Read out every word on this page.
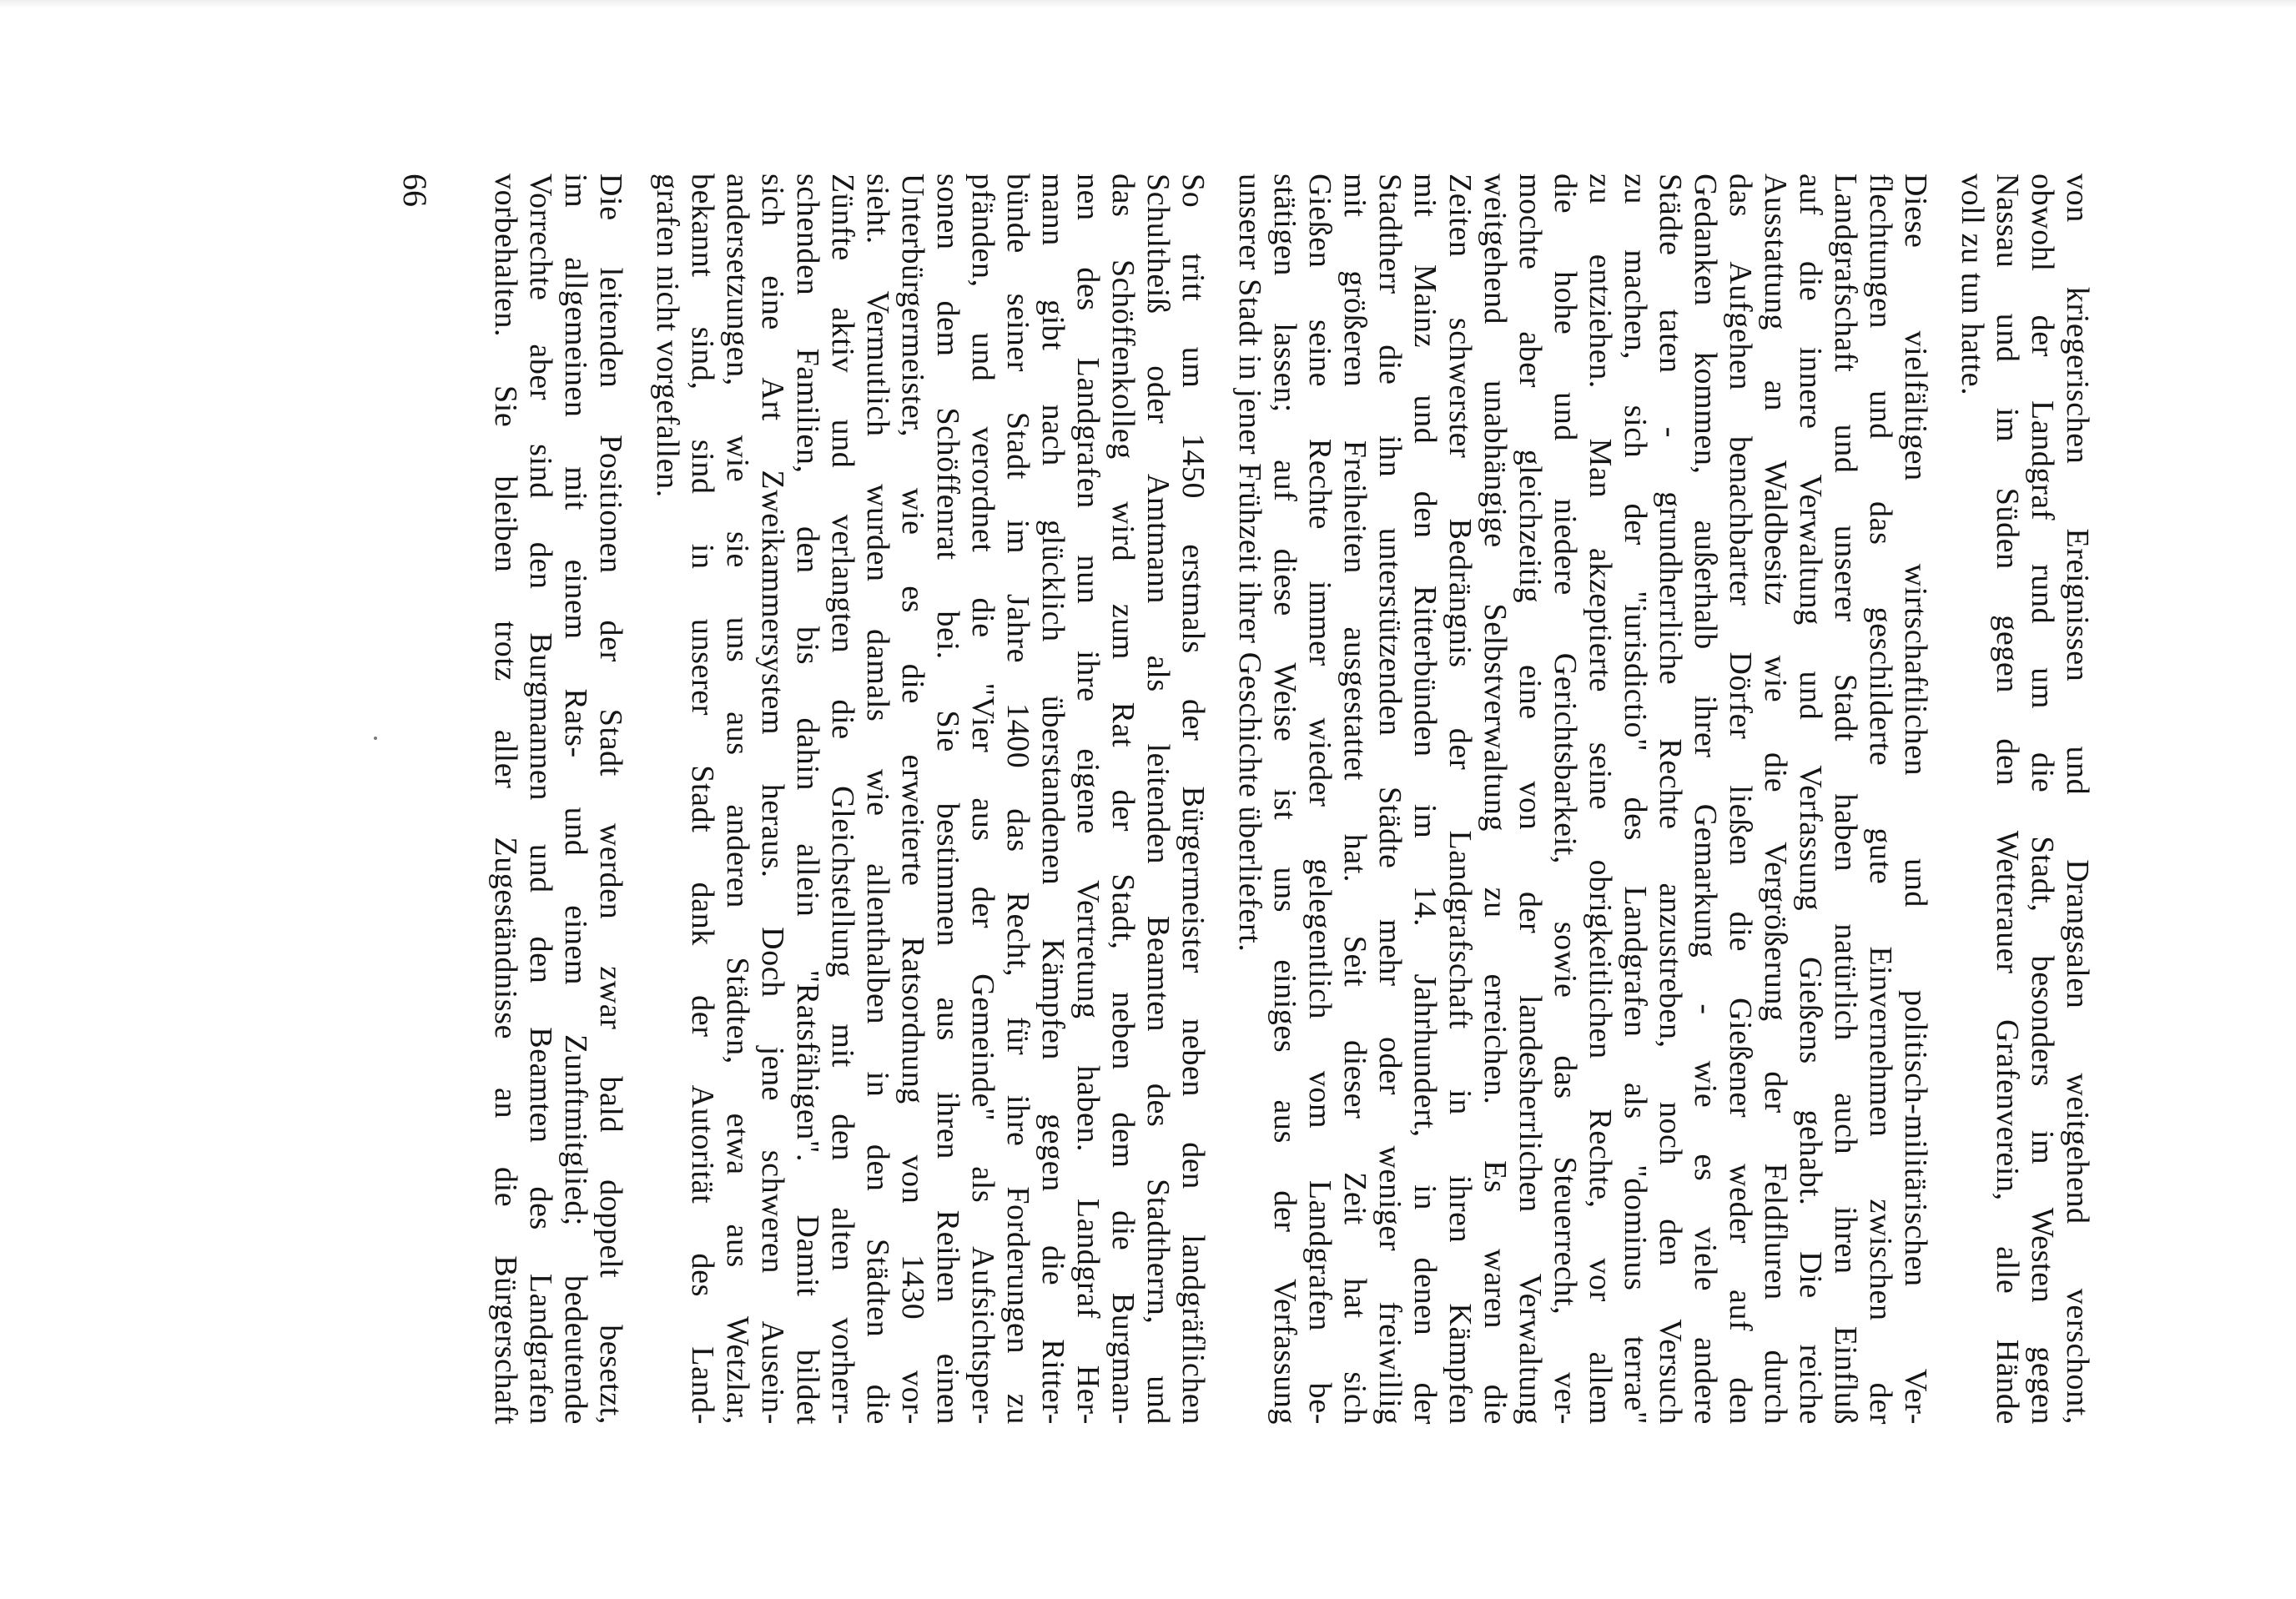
von kriegerischen Ereignissen und Drangsalen weitgehend verschont,
obwohl der Landgraf rund um die Stadt, besonders im Westen gegen
Nassau und im Süden gegen den Wetterauer Grafenverein, alle Hände
voll zu tun hatte.
Diese vielfältigen wirtschaftlichen und politisch-militärischen Ver-
flechtungen und das geschilderte gute Einvernehmen zwischen der
Landgrafschaft und unserer Stadt haben natürlich auch ihren Einfluß
auf die innere Verwaltung und Verfassung Gießens gehabt. Die reiche
Ausstattung an Waldbesitz wie die Vergrößerung der Feldfluren durch
das Aufgehen benachbarter Dörfer ließen die Gießener weder auf den
Gedanken kommen, außerhalb ihrer Gemarkung - wie es viele andere
Städte taten - grundherrliche Rechte anzustreben, noch den Versuch
zu machen, sich der "iurisdictio" des Landgrafen als "dominus terrae"
zu entziehen. Man akzeptierte seine obrigkeitlichen Rechte, vor allem
die hohe und niedere Gerichtsbarkeit, sowie das Steuerrecht, ver-
mochte aber gleichzeitig eine von der landesherrlichen Verwaltung
weitgehend unabhängige Selbstverwaltung zu erreichen. Es waren die
Zeiten schwerster Bedrängnis der Landgrafschaft in ihren Kämpfen
mit Mainz und den Ritterbünden im 14. Jahrhundert, in denen der
Stadtherr die ihn unterstützenden Städte mehr oder weniger freiwillig
mit größeren Freiheiten ausgestattet hat. Seit dieser Zeit hat sich
Gießen seine Rechte immer wieder gelegentlich vom Landgrafen be-
stätigen lassen; auf diese Weise ist uns einiges aus der Verfassung
unserer Stadt in jener Frühzeit ihrer Geschichte überliefert.
So tritt um 1450 erstmals der Bürgermeister neben den landgräflichen
Schultheiß oder Amtmann als leitenden Beamten des Stadtherrn, und
das Schöffenkolleg wird zum Rat der Stadt, neben dem die Burgman-
nen des Landgrafen nun ihre eigene Vertretung haben. Landgraf Her-
mann gibt nach glücklich überstandenen Kämpfen gegen die Ritter-
bünde seiner Stadt im Jahre 1400 das Recht, für ihre Forderungen zu
pfänden, und verordnet die "Vier aus der Gemeinde" als Aufsichtsper-
sonen dem Schöffenrat bei. Sie bestimmen aus ihren Reihen einen
Unterbürgermeister, wie es die erweiterte Ratsordnung von 1430 vor-
sieht. Vermutlich wurden damals wie allenthalben in den Städten die
Zünfte aktiv und verlangten die Gleichstellung mit den alten vorherr-
schenden Familien, den bis dahin allein "Ratsfähigen". Damit bildet
sich eine Art Zweikammersystem heraus. Doch jene schweren Ausein-
andersetzungen, wie sie uns aus anderen Städten, etwa aus Wetzlar,
bekannt sind, sind in unserer Stadt dank der Autorität des Land-
grafen nicht vorgefallen.
Die leitenden Positionen der Stadt werden zwar bald doppelt besetzt,
im allgemeinen mit einem Rats- und einem Zunftmitglied; bedeutende
Vorrechte aber sind den Burgmannen und den Beamten des Landgrafen
vorbehalten. Sie bleiben trotz aller Zugeständnisse an die Bürgerschaft
66
